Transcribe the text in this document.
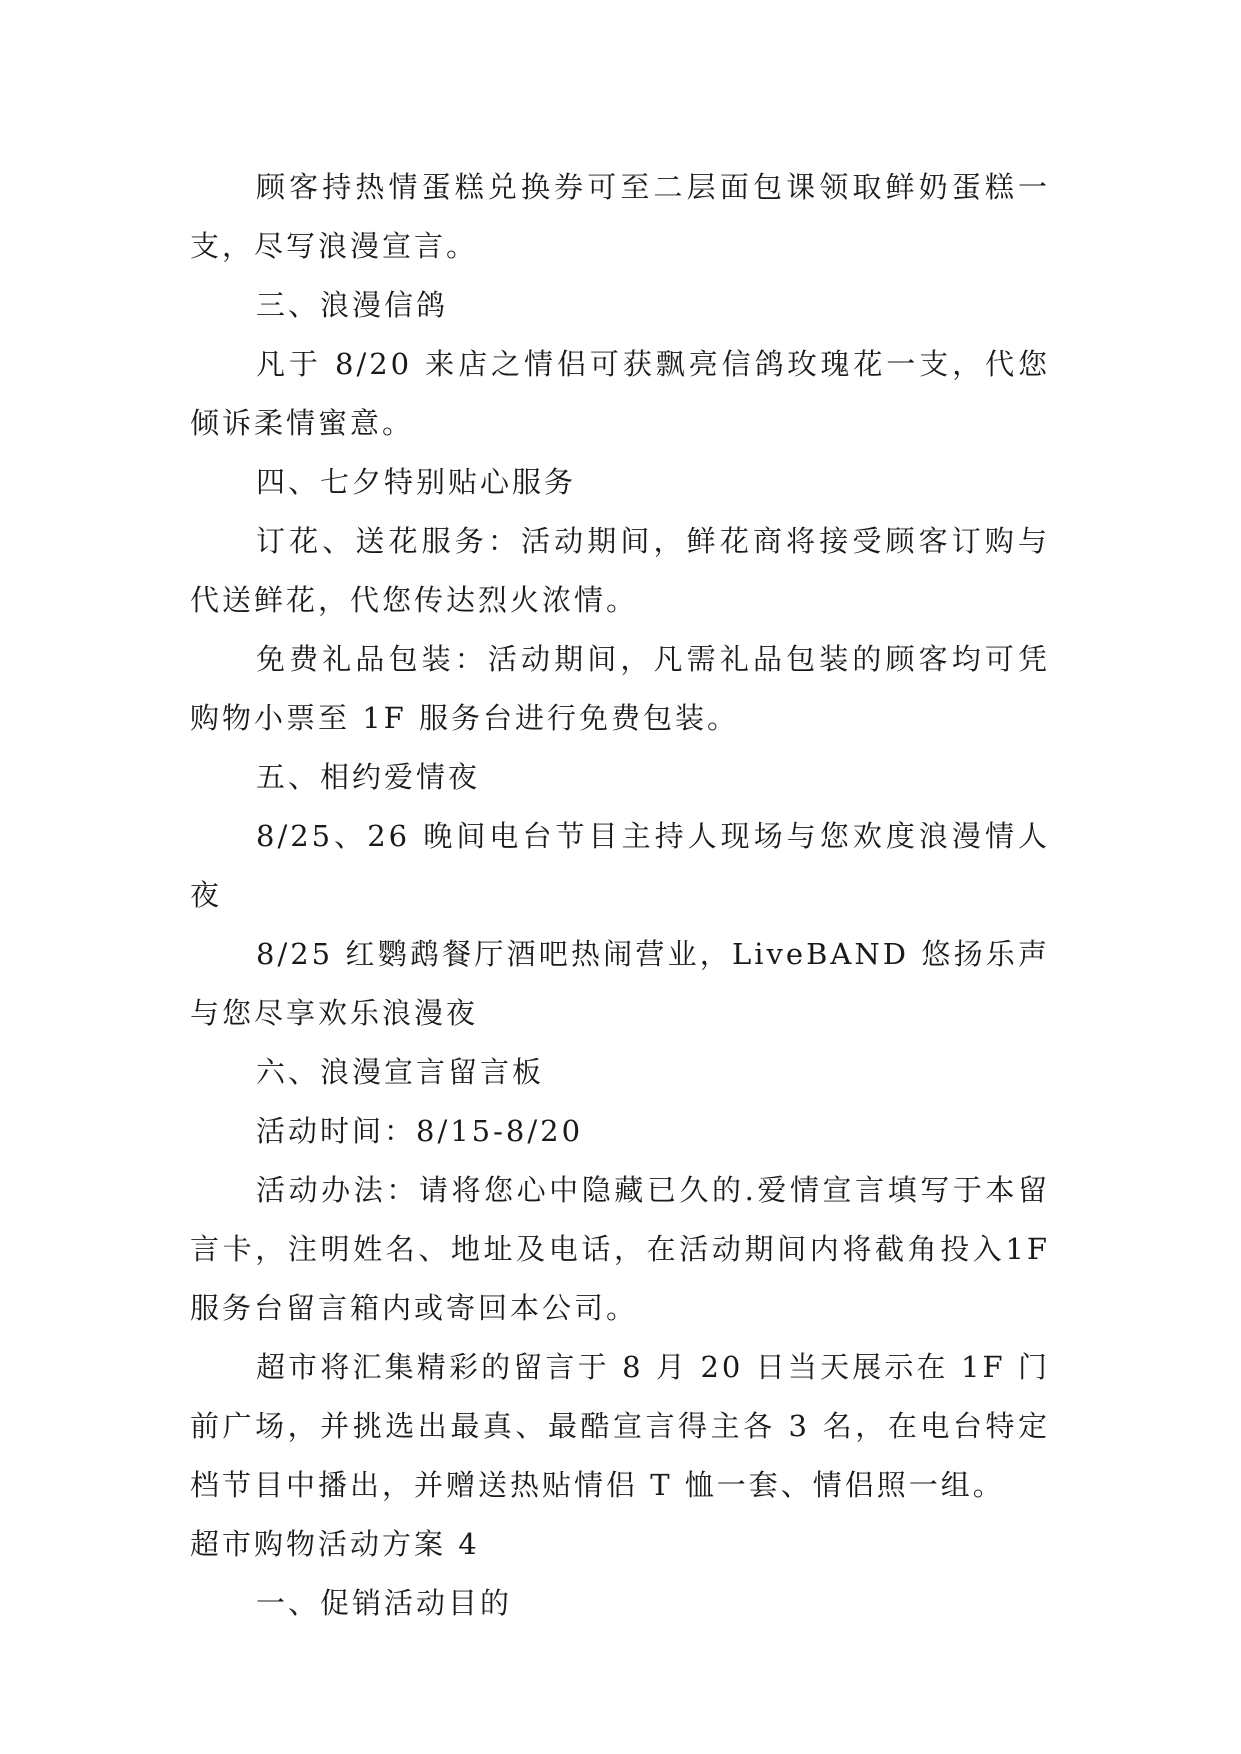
顾客持热情蛋糕兑换券可至二层面包课领取鲜奶蛋糕一支，尽写浪漫宣言。

三、浪漫信鸽

凡于 8/20 来店之情侣可获飘亮信鸽玫瑰花一支，代您倾诉柔情蜜意。

四、七夕特别贴心服务

订花、送花服务：活动期间，鲜花商将接受顾客订购与代送鲜花，代您传达烈火浓情。

免费礼品包装：活动期间，凡需礼品包装的顾客均可凭购物小票至 1F 服务台进行免费包装。

五、相约爱情夜

8/25、26 晚间电台节目主持人现场与您欢度浪漫情人夜

8/25 红鹦鹉餐厅酒吧热闹营业，LiveBAND 悠扬乐声与您尽享欢乐浪漫夜

六、浪漫宣言留言板

活动时间：8/15-8/20

活动办法：请将您心中隐藏已久的.爱情宣言填写于本留言卡，注明姓名、地址及电话，在活动期间内将截角投入1F 服务台留言箱内或寄回本公司。

超市将汇集精彩的留言于 8 月 20 日当天展示在 1F 门前广场，并挑选出最真、最酷宣言得主各 3 名，在电台特定档节目中播出，并赠送热贴情侣 T 恤一套、情侣照一组。

超市购物活动方案 4

一、促销活动目的
